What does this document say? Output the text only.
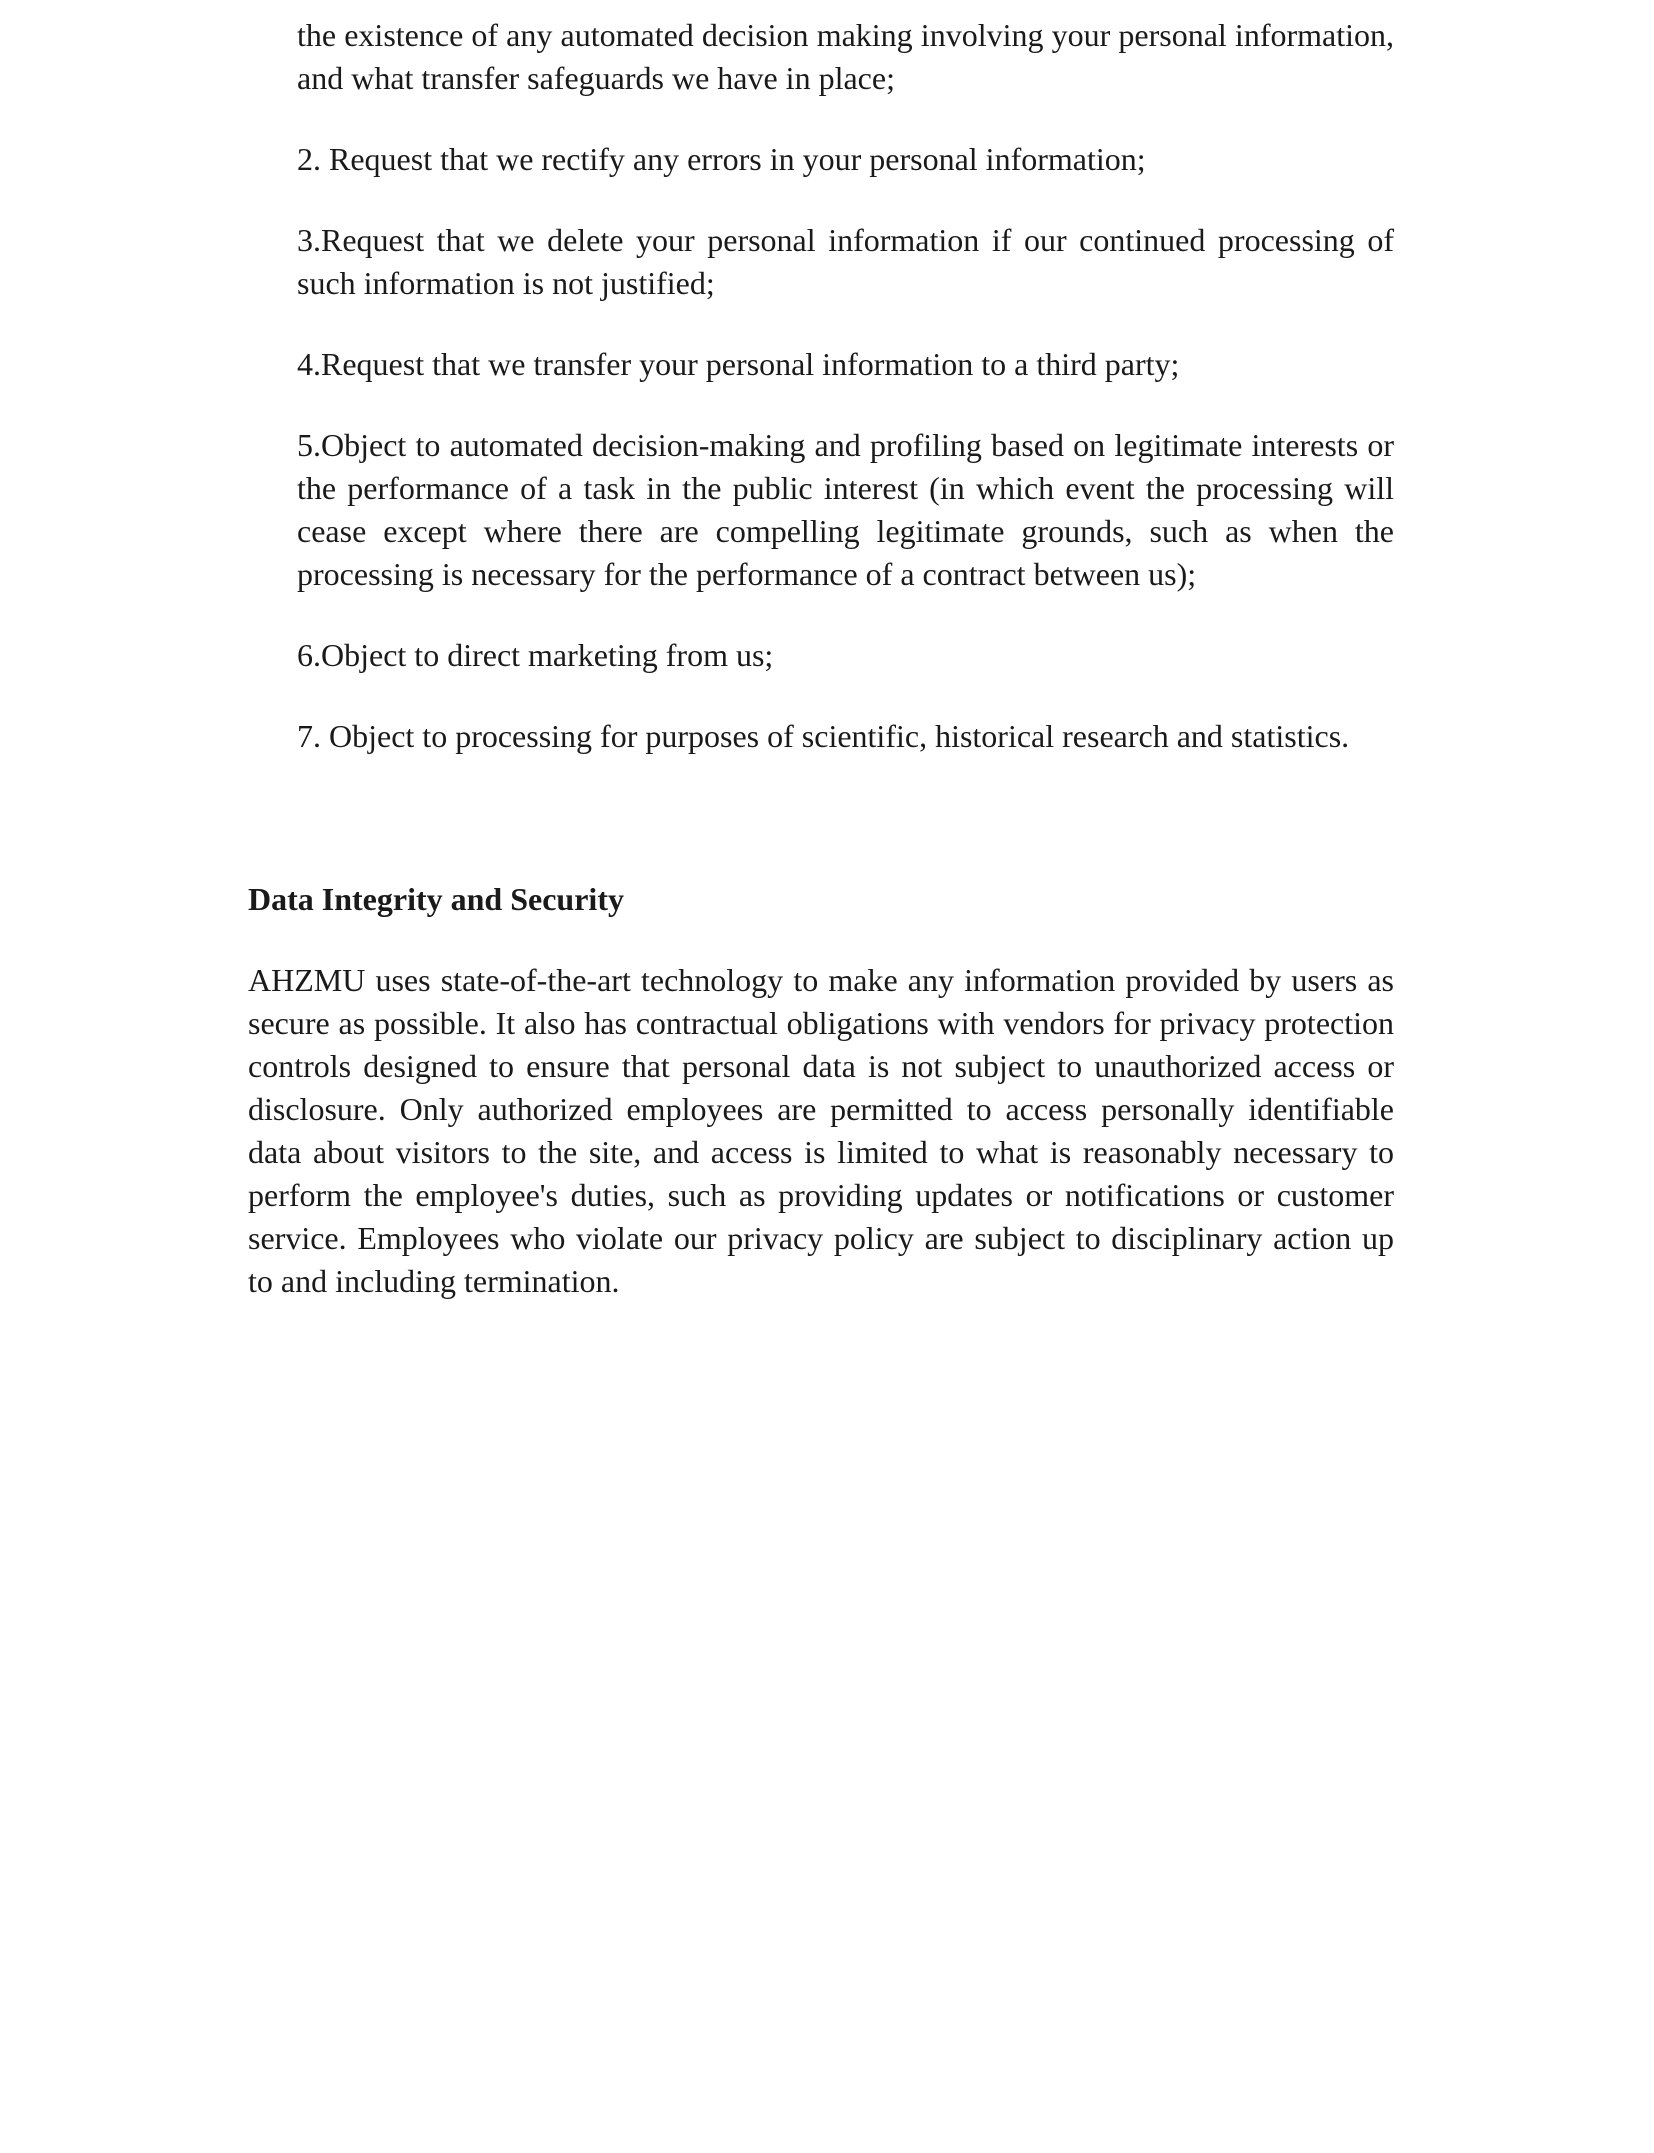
the existence of any automated decision making involving your personal information, and what transfer safeguards we have in place;

2. Request that we rectify any errors in your personal information;

3.Request that we delete your personal information if our continued processing of such information is not justified;

4.Request that we transfer your personal information to a third party;

5.Object to automated decision-making and profiling based on legitimate interests or the performance of a task in the public interest (in which event the processing will cease except where there are compelling legitimate grounds, such as when the processing is necessary for the performance of a contract between us);

6.Object to direct marketing from us;

7. Object to processing for purposes of scientific, historical research and statistics.

Data Integrity and Security

AHZMU uses state-of-the-art technology to make any information provided by users as secure as possible. It also has contractual obligations with vendors for privacy protection controls designed to ensure that personal data is not subject to unauthorized access or disclosure. Only authorized employees are permitted to access personally identifiable data about visitors to the site, and access is limited to what is reasonably necessary to perform the employee's duties, such as providing updates or notifications or customer service. Employees who violate our privacy policy are subject to disciplinary action up to and including termination.
